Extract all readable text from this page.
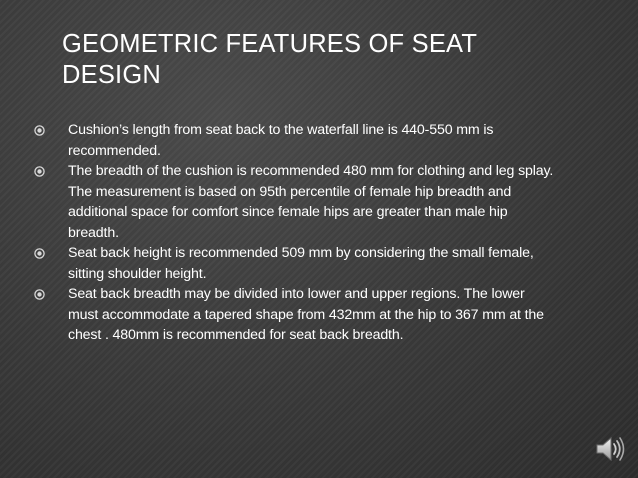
GEOMETRIC FEATURES OF SEAT DESIGN
Cushion’s length from seat back to the waterfall line is 440-550 mm is recommended.
The breadth of the cushion is recommended 480 mm for clothing and leg splay. The measurement is based on 95th percentile of female hip breadth and additional space for comfort since female hips are greater than male hip breadth.
Seat back height is recommended 509 mm by considering the small female, sitting shoulder height.
Seat back breadth may be divided into lower and upper regions. The lower must accommodate a tapered shape from 432mm at the hip to 367 mm at the chest . 480mm is recommended for seat back breadth.
